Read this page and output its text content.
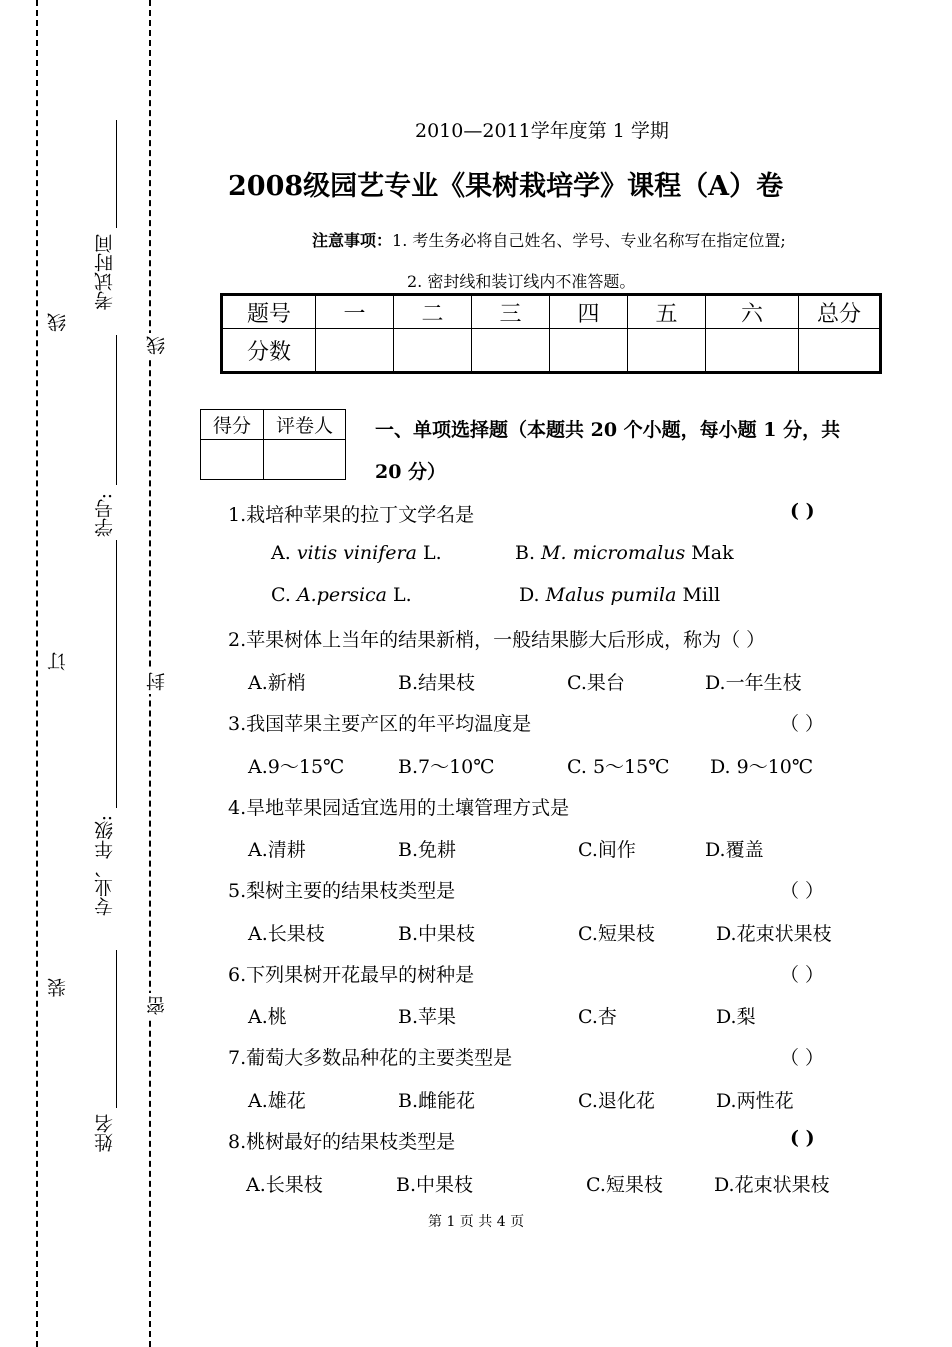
线
订
装
线
封
密
考试时间
学号:
专业、年级:
姓名
2010—2011学年度第 1 学期
2008级园艺专业《果树栽培学》课程（A）卷
注意事项：1. 考生务必将自己姓名、学号、专业名称写在指定位置;
2. 密封线和装订线内不准答题。
题号	一	二	三	四	五	六	总分
分数							
得分	评卷人
	一、单项选择题（本题共 20 个小题，每小题 1 分，共
20 分）
1.栽培种苹果的拉丁文学名是	( )
A. vitis vinifera L.	B. M. micromalus Mak
C. A.persica L.	D. Malus pumila Mill
2.苹果树体上当年的结果新梢，一般结果膨大后形成，称为（ ）
A.新梢	B.结果枝	C.果台	D.一年生枝
3.我国苹果主要产区的年平均温度是	（ ）
A.9～15℃	B.7～10℃	C. 5～15℃ D. 9～10℃
4.旱地苹果园适宜选用的土壤管理方式是
A.清耕	B.免耕	C.间作	D.覆盖
5.梨树主要的结果枝类型是	（ ）
A.长果枝	B.中果枝	C.短果枝	D.花束状果枝
6.下列果树开花最早的树种是	（ ）
A.桃	B.苹果	C.杏	D.梨
7.葡萄大多数品种花的主要类型是	（ ）
A.雄花	B.雌能花	C.退化花	D.两性花
8.桃树最好的结果枝类型是	( )
A.长果枝	B.中果枝	C.短果枝	D.花束状果枝
第 1 页 共 4 页
